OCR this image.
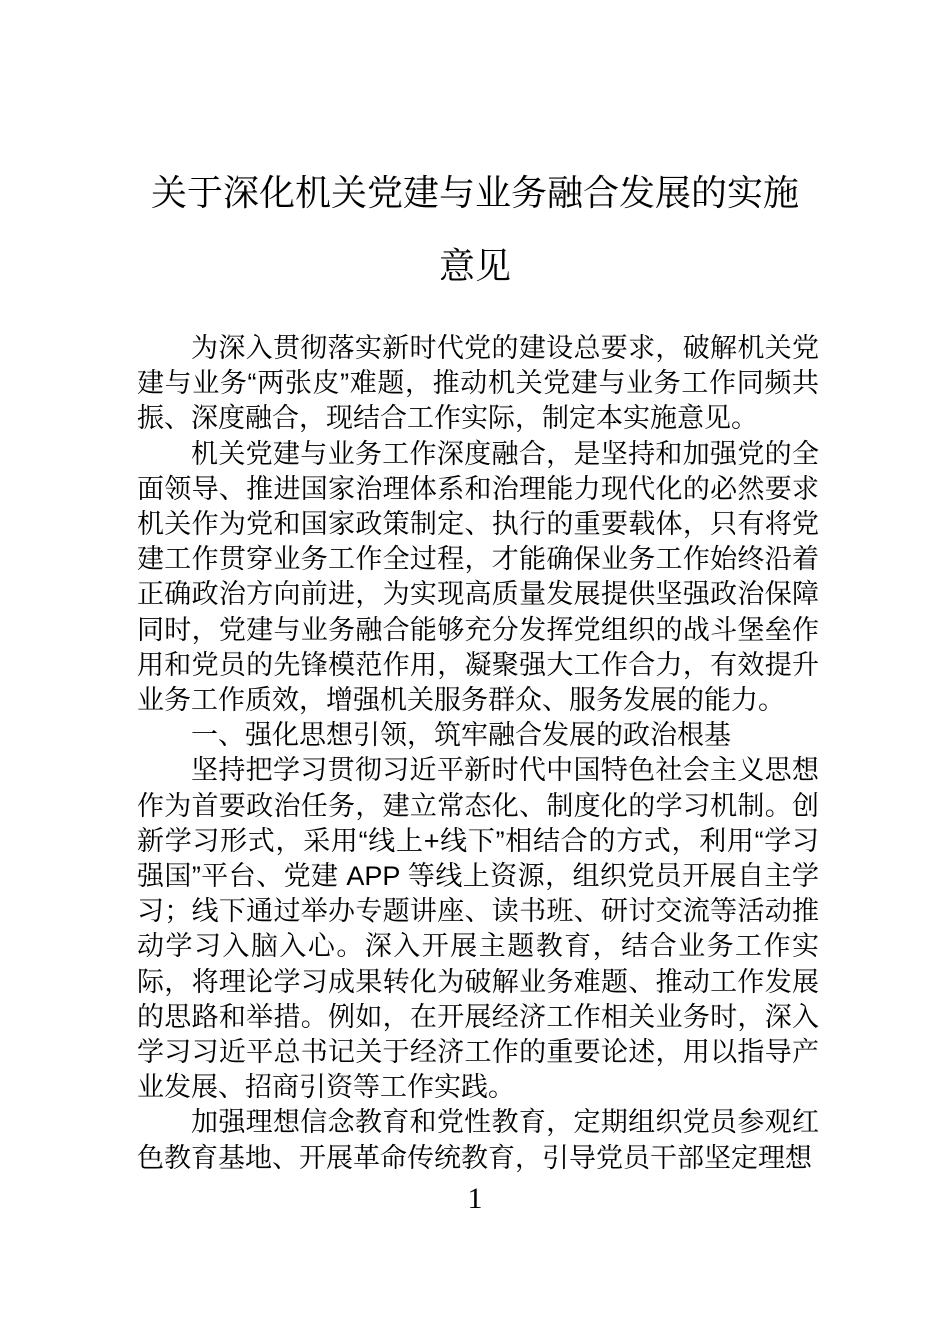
关于深化机关党建与业务融合发展的实施意见

为深入贯彻落实新时代党的建设总要求，破解机关党建与业务“两张皮”难题，推动机关党建与业务工作同频共振、深度融合，现结合工作实际，制定本实施意见。

机关党建与业务工作深度融合，是坚持和加强党的全面领导、推进国家治理体系和治理能力现代化的必然要求机关作为党和国家政策制定、执行的重要载体，只有将党建工作贯穿业务工作全过程，才能确保业务工作始终沿着正确政治方向前进，为实现高质量发展提供坚强政治保障同时，党建与业务融合能够充分发挥党组织的战斗堡垒作用和党员的先锋模范作用，凝聚强大工作合力，有效提升业务工作质效，增强机关服务群众、服务发展的能力。

一、强化思想引领，筑牢融合发展的政治根基

坚持把学习贯彻习近平新时代中国特色社会主义思想作为首要政治任务，建立常态化、制度化的学习机制。创新学习形式，采用“线上+线下”相结合的方式，利用“学习强国”平台、党建 APP 等线上资源，组织党员开展自主学习；线下通过举办专题讲座、读书班、研讨交流等活动推动学习入脑入心。深入开展主题教育，结合业务工作实际，将理论学习成果转化为破解业务难题、推动工作发展的思路和举措。例如，在开展经济工作相关业务时，深入学习习近平总书记关于经济工作的重要论述，用以指导产业发展、招商引资等工作实践。

加强理想信念教育和党性教育，定期组织党员参观红色教育基地、开展革命传统教育，引导党员干部坚定理想

1
